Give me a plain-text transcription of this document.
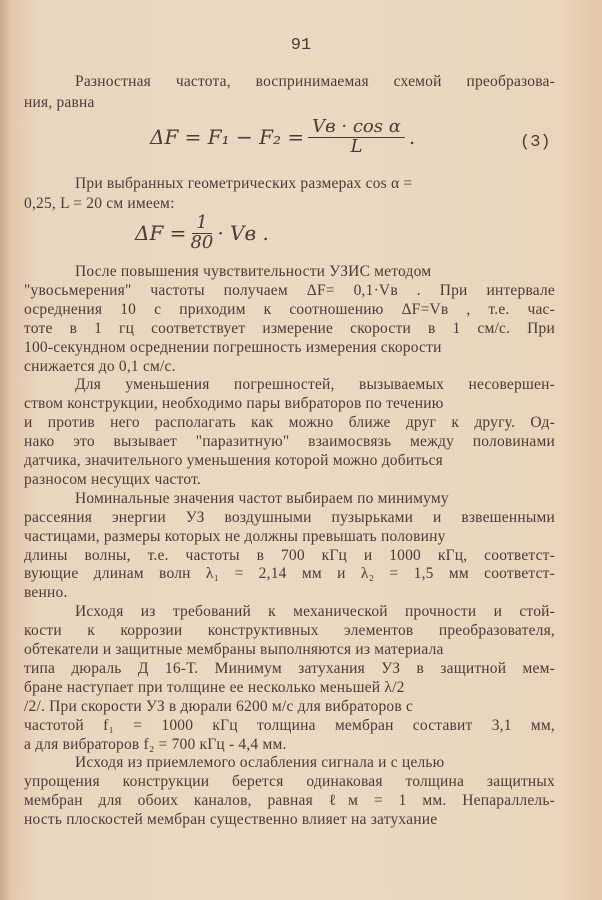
91
Разностная частота, воспринимаемая схемой преобразова-
ния, равна
$\Delta F = F_1 - F_2 = \frac{\text{Vв · cos α}}{L}$ .	(3)
При выбранных геометрических размерах cos α =
0,25, L = 20 см имеем:
$\Delta F = \frac{1}{80}$ · Vв .
После повышения чувствительности УЗИС методом
"увосьмерения" частоты получаем ΔF= 0,1·Vв . При интервале
осреднения 10 с приходим к соотношению ΔF=Vв , т.е. час-
тоте в 1 гц соответствует измерение скорости в 1 см/с. При
100-секундном осреднении погрешность измерения скорости
снижается до 0,1 см/с.
Для уменьшения погрешностей, вызываемых несовершен-
ством конструкции, необходимо пары вибраторов по течению
и против него располагать как можно ближе друг к другу. Од-
нако это вызывает "паразитную" взаимосвязь между половинами
датчика, значительного уменьшения которой можно добиться
разносом несущих частот.
Номинальные значения частот выбираем по минимуму
рассеяния энергии УЗ воздушными пузырьками и взвешенными
частицами, размеры которых не должны превышать половину
длины волны, т.е. частоты в 700 кГц и 1000 кГц, соответст-
вующие длинам волн λ₁ = 2,14 мм и λ₂ = 1,5 мм соответст-
венно.
Исходя из требований к механической прочности и стой-
кости к коррозии конструктивных элементов преобразователя,
обтекатели и защитные мембраны выполняются из материала
типа дюраль Д 16-Т. Минимум затухания УЗ в защитной мем-
бране наступает при толщине ее несколько меньшей λ/2
/2/. При скорости УЗ в дюрали 6200 м/с для вибраторов с
частотой f₁ = 1000 кГц толщина мембран составит 3,1 мм,
а для вибраторов f₂ = 700 кГц - 4,4 мм.
Исходя из приемлемого ослабления сигнала и с целью
упрощения конструкции берется одинаковая толщина защитных
мембран для обоих каналов, равная ℓм = 1 мм. Непараллель-
ность плоскостей мембран существенно влияет на затухание
